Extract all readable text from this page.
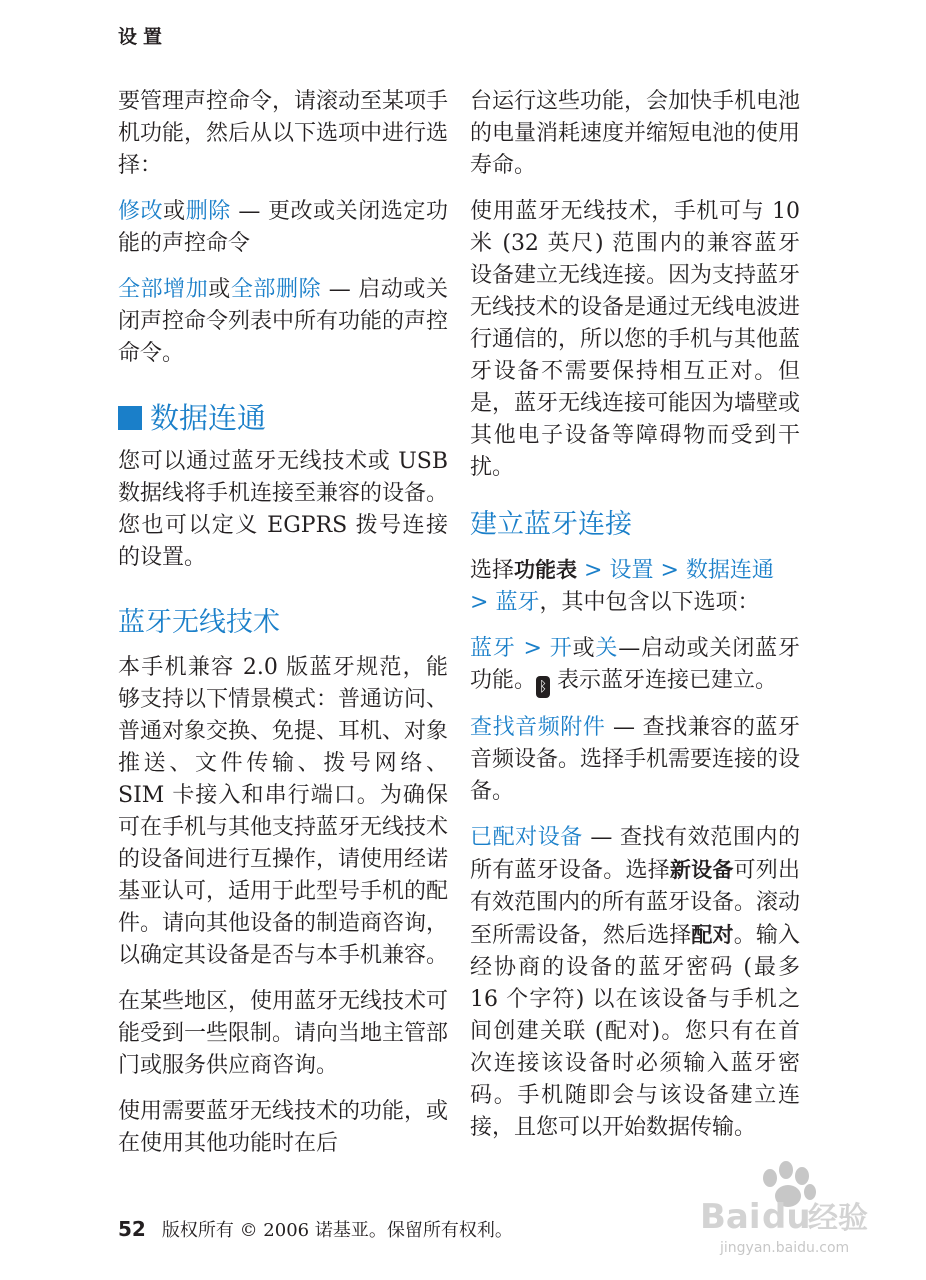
设置

要管理声控命令，请滚动至某项手机功能，然后从以下选项中进行选择：

修改或删除 — 更改或关闭选定功能的声控命令

全部增加或全部删除 — 启动或关闭声控命令列表中所有功能的声控命令。

数据连通

您可以通过蓝牙无线技术或 USB 数据线将手机连接至兼容的设备。您也可以定义 EGPRS 拨号连接的设置。

蓝牙无线技术

本手机兼容 2.0 版蓝牙规范，能够支持以下情景模式：普通访问、普通对象交换、免提、耳机、对象推送、文件传输、拨号网络、SIM 卡接入和串行端口。为确保可在手机与其他支持蓝牙无线技术的设备间进行互操作，请使用经诺基亚认可，适用于此型号手机的配件。请向其他设备的制造商咨询，以确定其设备是否与本手机兼容。

在某些地区，使用蓝牙无线技术可能受到一些限制。请向当地主管部门或服务供应商咨询。

使用需要蓝牙无线技术的功能，或在使用其他功能时在后

台运行这些功能，会加快手机电池的电量消耗速度并缩短电池的使用寿命。

使用蓝牙无线技术，手机可与 10 米 (32 英尺) 范围内的兼容蓝牙设备建立无线连接。因为支持蓝牙无线技术的设备是通过无线电波进行通信的，所以您的手机与其他蓝牙设备不需要保持相互正对。但是，蓝牙无线连接可能因为墙壁或其他电子设备等障碍物而受到干扰。

建立蓝牙连接

选择功能表 > 设置 > 数据连通
> 蓝牙，其中包含以下选项：

蓝牙 > 开或关—启动或关闭蓝牙功能。 ᛒ 表示蓝牙连接已建立。

查找音频附件 — 查找兼容的蓝牙音频设备。选择手机需要连接的设备。

已配对设备 — 查找有效范围内的所有蓝牙设备。选择新设备可列出有效范围内的所有蓝牙设备。滚动至所需设备，然后选择配对。输入经协商的设备的蓝牙密码 (最多 16 个字符) 以在该设备与手机之间创建关联 (配对)。您只有在首次连接该设备时必须输入蓝牙密码。手机随即会与该设备建立连接，且您可以开始数据传输。

52 版权所有 © 2006 诺基亚。保留所有权利。	Bai du
经验
jingyan.baidu.com
